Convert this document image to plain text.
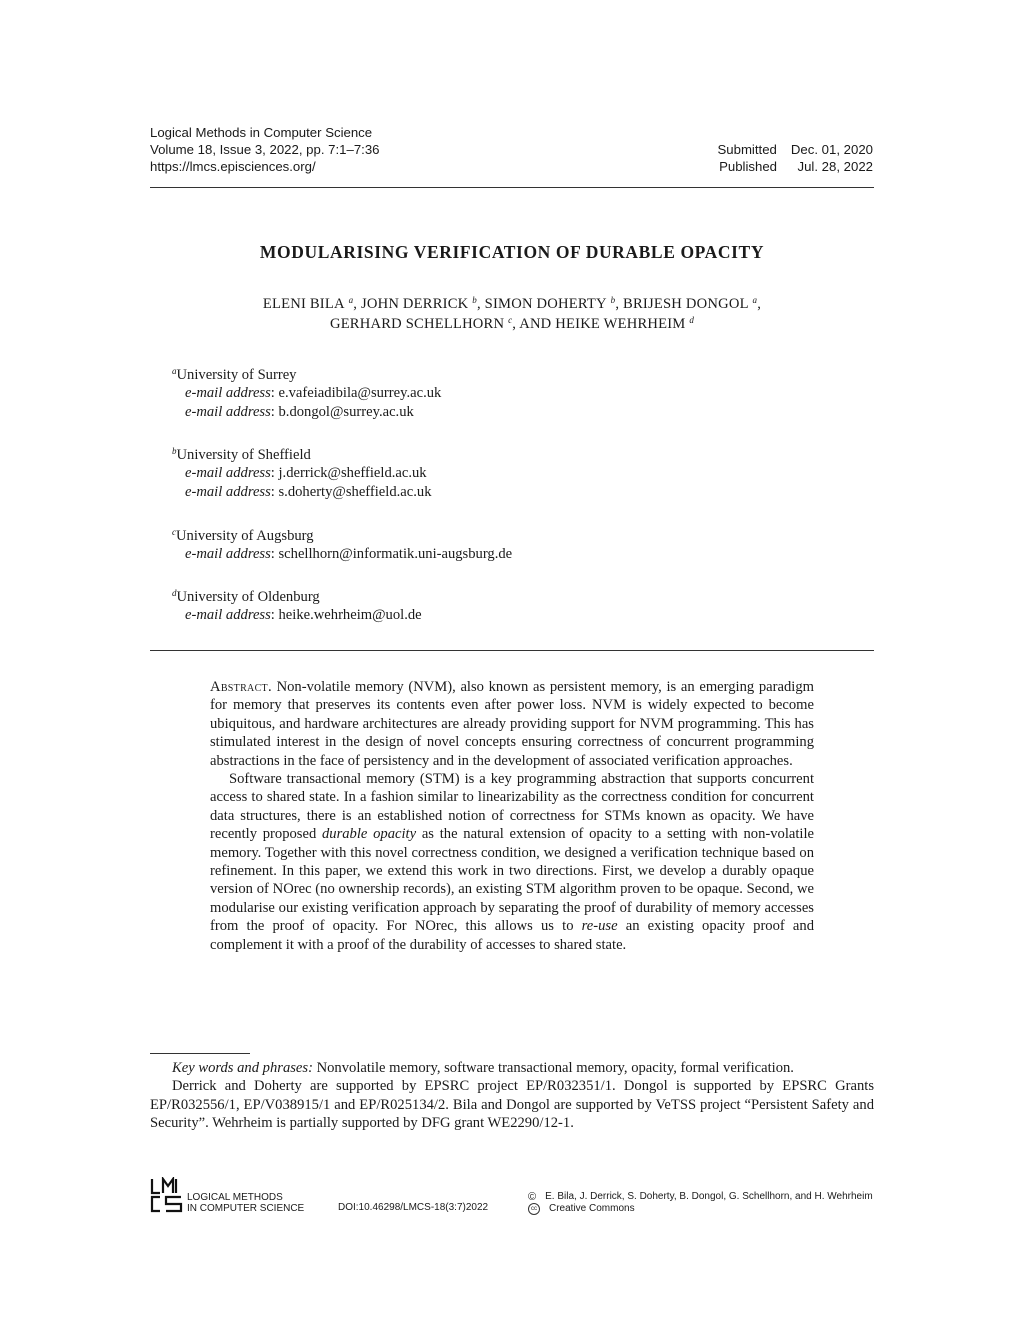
Logical Methods in Computer Science
Volume 18, Issue 3, 2022, pp. 7:1–7:36
https://lmcs.episciences.org/
Submitted Dec. 01, 2020
Published	Jul. 28, 2022
MODULARISING VERIFICATION OF DURABLE OPACITY
ELENI BILA $^a$, JOHN DERRICK $^b$, SIMON DOHERTY $^b$, BRIJESH DONGOL $^a$,
GERHARD SCHELLHORN $^c$, AND HEIKE WEHRHEIM $^d$
$^a$University of Surrey
e-mail address: e.vafeiadibila@surrey.ac.uk
e-mail address: b.dongol@surrey.ac.uk
$^b$University of Sheffield
e-mail address: j.derrick@sheffield.ac.uk
e-mail address: s.doherty@sheffield.ac.uk
$^c$University of Augsburg
e-mail address: schellhorn@informatik.uni-augsburg.de
$^d$University of Oldenburg
e-mail address: heike.wehrheim@uol.de

Abstract. Non-volatile memory (NVM), also known as persistent memory, is an emerging paradigm for memory that preserves its contents even after power loss. NVM is widely expected to become ubiquitous, and hardware architectures are already providing support for NVM programming. This has stimulated interest in the design of novel concepts ensuring correctness of concurrent programming abstractions in the face of persistency and in the development of associated verification approaches.

Software transactional memory (STM) is a key programming abstraction that supports concurrent access to shared state. In a fashion similar to linearizability as the correctness condition for concurrent data structures, there is an established notion of correctness for STMs known as opacity. We have recently proposed durable opacity as the natural extension of opacity to a setting with non-volatile memory. Together with this novel correctness condition, we designed a verification technique based on refinement. In this paper, we extend this work in two directions. First, we develop a durably opaque version of NOrec (no ownership records), an existing STM algorithm proven to be opaque. Second, we modularise our existing verification approach by separating the proof of durability of memory accesses from the proof of opacity. For NOrec, this allows us to re-use an existing opacity proof and complement it with a proof of the durability of accesses to shared state.

Key words and phrases: Nonvolatile memory, software transactional memory, opacity, formal verification.

Derrick and Doherty are supported by EPSRC project EP/R032351/1. Dongol is supported by EPSRC Grants EP/R032556/1, EP/V038915/1 and EP/R025134/2. Bila and Dongol are supported by VeTSS project “Persistent Safety and Security”. Wehrheim is partially supported by DFG grant WE2290/12-1.

LOGICAL METHODS
IN COMPUTER SCIENCE	DOI:10.46298/LMCS-18(3:7)2022
© E. Bila, J. Derrick, S. Doherty, B. Dongol, G. Schellhorn, and H. Wehrheim
cc	Creative Commons
